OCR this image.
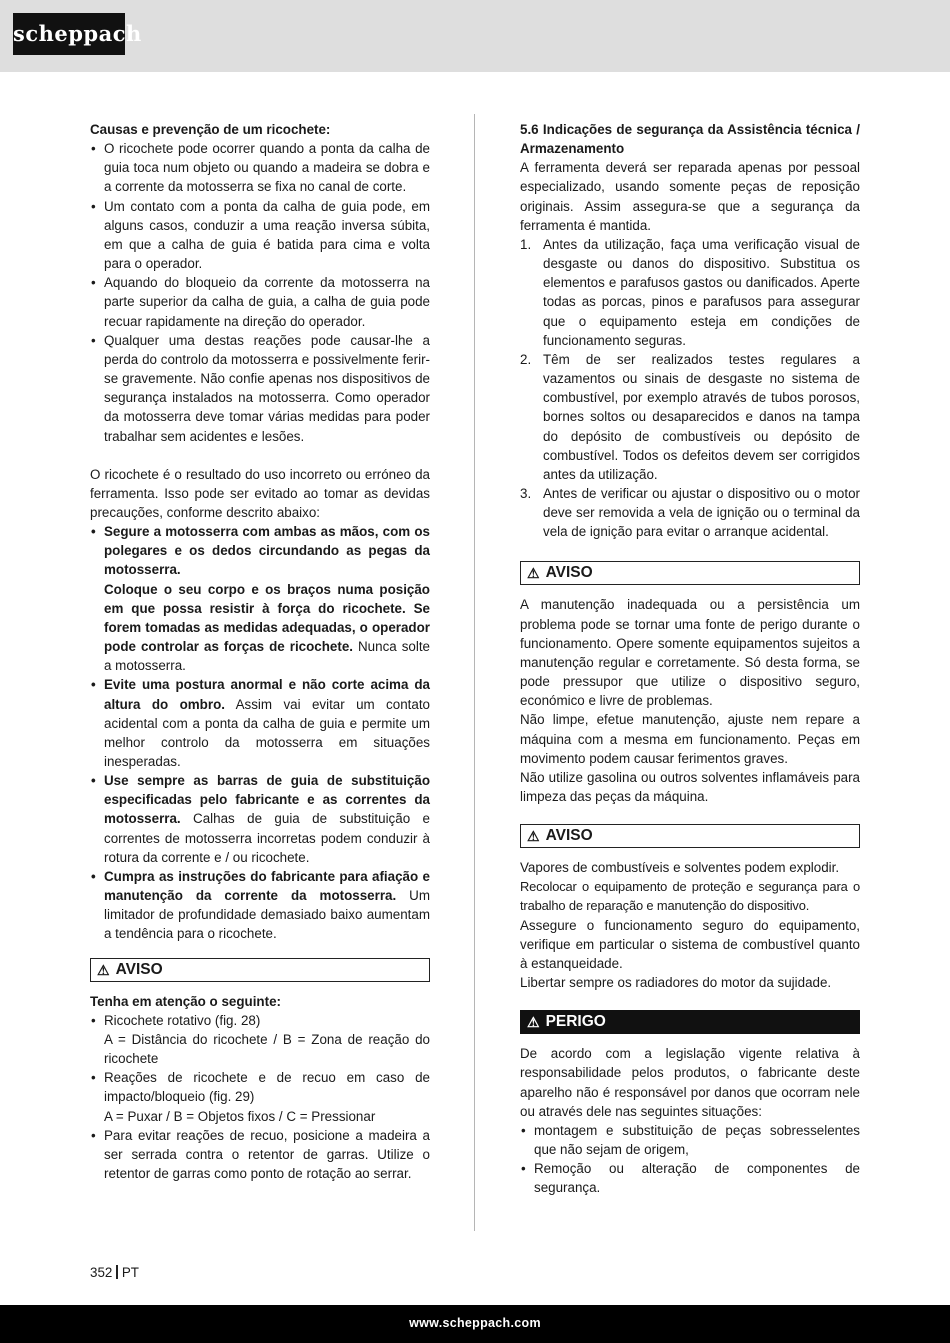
scheppach

Causas e prevenção de um ricochete:

• O ricochete pode ocorrer quando a ponta da calha de guia toca num objeto ou quando a madeira se dobra e a corrente da motosserra se fixa no canal de corte.
• Um contato com a ponta da calha de guia pode, em alguns casos, conduzir a uma reação inversa súbita, em que a calha de guia é batida para cima e volta para o operador.
• Aquando do bloqueio da corrente da motosserra na parte superior da calha de guia, a calha de guia pode recuar rapidamente na direção do operador.
• Qualquer uma destas reações pode causar-lhe a perda do controlo da motosserra e possivelmente ferir-se gravemente. Não confie apenas nos dispositivos de segurança instalados na motosserra. Como operador da motosserra deve tomar várias medidas para poder trabalhar sem acidentes e lesões.

O ricochete é o resultado do uso incorreto ou erróneo da ferramenta. Isso pode ser evitado ao tomar as devidas precauções, conforme descrito abaixo:

• Segure a motosserra com ambas as mãos, com os polegares e os dedos circundando as pegas da motosserra.
Coloque o seu corpo e os braços numa posição em que possa resistir à força do ricochete. Se forem tomadas as medidas adequadas, o operador pode controlar as forças de ricochete. Nunca solte a motosserra.
• Evite uma postura anormal e não corte acima da altura do ombro. Assim vai evitar um contato acidental com a ponta da calha de guia e permite um melhor controlo da motosserra em situações inesperadas.
• Use sempre as barras de guia de substituição especificadas pelo fabricante e as correntes da motosserra. Calhas de guia de substituição e correntes de motosserra incorretas podem conduzir à rotura da corrente e / ou ricochete.
• Cumpra as instruções do fabricante para afiação e manutenção da corrente da motosserra. Um limitador de profundidade demasiado baixo aumentam a tendência para o ricochete.
⚠ AVISO

Tenha em atenção o seguinte:

• Ricochete rotativo (fig. 28)
A = Distância do ricochete / B = Zona de reação do ricochete
• Reações de ricochete e de recuo em caso de impacto/bloqueio (fig. 29)
A = Puxar / B = Objetos fixos / C = Pressionar
• Para evitar reações de recuo, posicione a madeira a ser serrada contra o retentor de garras. Utilize o retentor de garras como ponto de rotação ao serrar.

5.6 Indicações de segurança da Assistência técnica / Armazenamento

A ferramenta deverá ser reparada apenas por pessoal especializado, usando somente peças de reposição originais. Assim assegura-se que a segurança da ferramenta é mantida.

1. Antes da utilização, faça uma verificação visual de desgaste ou danos do dispositivo. Substitua os elementos e parafusos gastos ou danificados. Aperte todas as porcas, pinos e parafusos para assegurar que o equipamento esteja em condições de funcionamento seguras.
2. Têm de ser realizados testes regulares a vazamentos ou sinais de desgaste no sistema de combustível, por exemplo através de tubos porosos, bornes soltos ou desaparecidos e danos na tampa do depósito de combustíveis ou depósito de combustível. Todos os defeitos devem ser corrigidos antes da utilização.
3. Antes de verificar ou ajustar o dispositivo ou o motor deve ser removida a vela de ignição ou o terminal da vela de ignição para evitar o arranque acidental.
⚠ AVISO

A manutenção inadequada ou a persistência um problema pode se tornar uma fonte de perigo durante o funcionamento. Opere somente equipamentos sujeitos a manutenção regular e corretamente. Só desta forma, se pode pressupor que utilize o dispositivo seguro, económico e livre de problemas.

Não limpe, efetue manutenção, ajuste nem repare a máquina com a mesma em funcionamento. Peças em movimento podem causar ferimentos graves.

Não utilize gasolina ou outros solventes inflamáveis para limpeza das peças da máquina.

⚠ AVISO

Vapores de combustíveis e solventes podem explodir.

Recolocar o equipamento de proteção e segurança para o trabalho de reparação e manutenção do dispositivo.

Assegure o funcionamento seguro do equipamento, verifique em particular o sistema de combustível quanto à estanqueidade.

Libertar sempre os radiadores do motor da sujidade.

⚠ PERIGO

De acordo com a legislação vigente relativa à responsabilidade pelos produtos, o fabricante deste aparelho não é responsável por danos que ocorram nele ou através dele nas seguintes situações:

• montagem e substituição de peças sobresselentes que não sejam de origem,
• Remoção ou alteração de componentes de segurança.
352 PT
www.scheppach.com
